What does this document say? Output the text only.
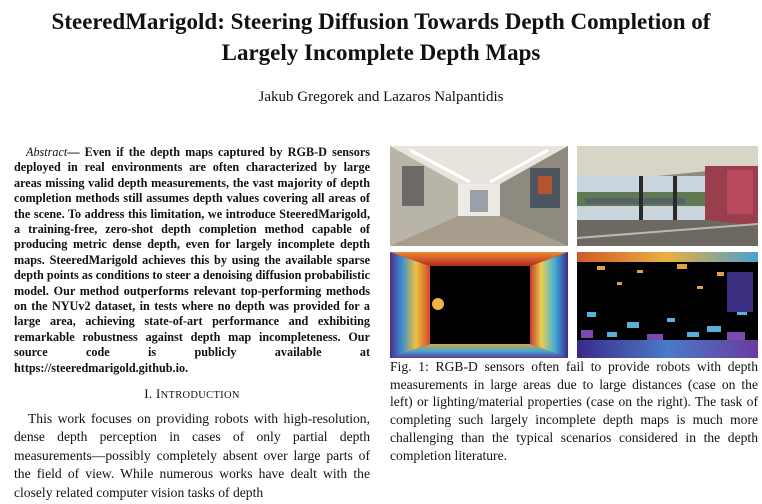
SteeredMarigold: Steering Diffusion Towards Depth Completion of
Largely Incomplete Depth Maps
Jakub Gregorek and Lazaros Nalpantidis
Abstract— Even if the depth maps captured by RGB-D sensors deployed in real environments are often characterized by large areas missing valid depth measurements, the vast majority of depth completion methods still assumes depth values covering all areas of the scene. To address this limitation, we introduce SteeredMarigold, a training-free, zero-shot depth completion method capable of producing metric dense depth, even for largely incomplete depth maps. SteeredMarigold achieves this by using the available sparse depth points as conditions to steer a denoising diffusion probabilistic model. Our method outperforms relevant top-performing methods on the NYUv2 dataset, in tests where no depth was provided for a large area, achieving state-of-art performance and exhibiting remarkable robustness against depth map incompleteness. Our source code is publicly available at https://steeredmarigold.github.io.
I. INTRODUCTION
This work focuses on providing robots with high-resolution, dense depth perception in cases of only partial depth measurements—possibly completely absent over large parts of the field of view. While numerous works have dealt with the closely related computer vision tasks of depth
Fig. 1: RGB-D sensors often fail to provide robots with depth measurements in large areas due to large distances (case on the left) or lighting/material properties (case on the right). The task of completing such largely incomplete depth maps is much more challenging than the typical scenarios considered in the depth completion literature.
